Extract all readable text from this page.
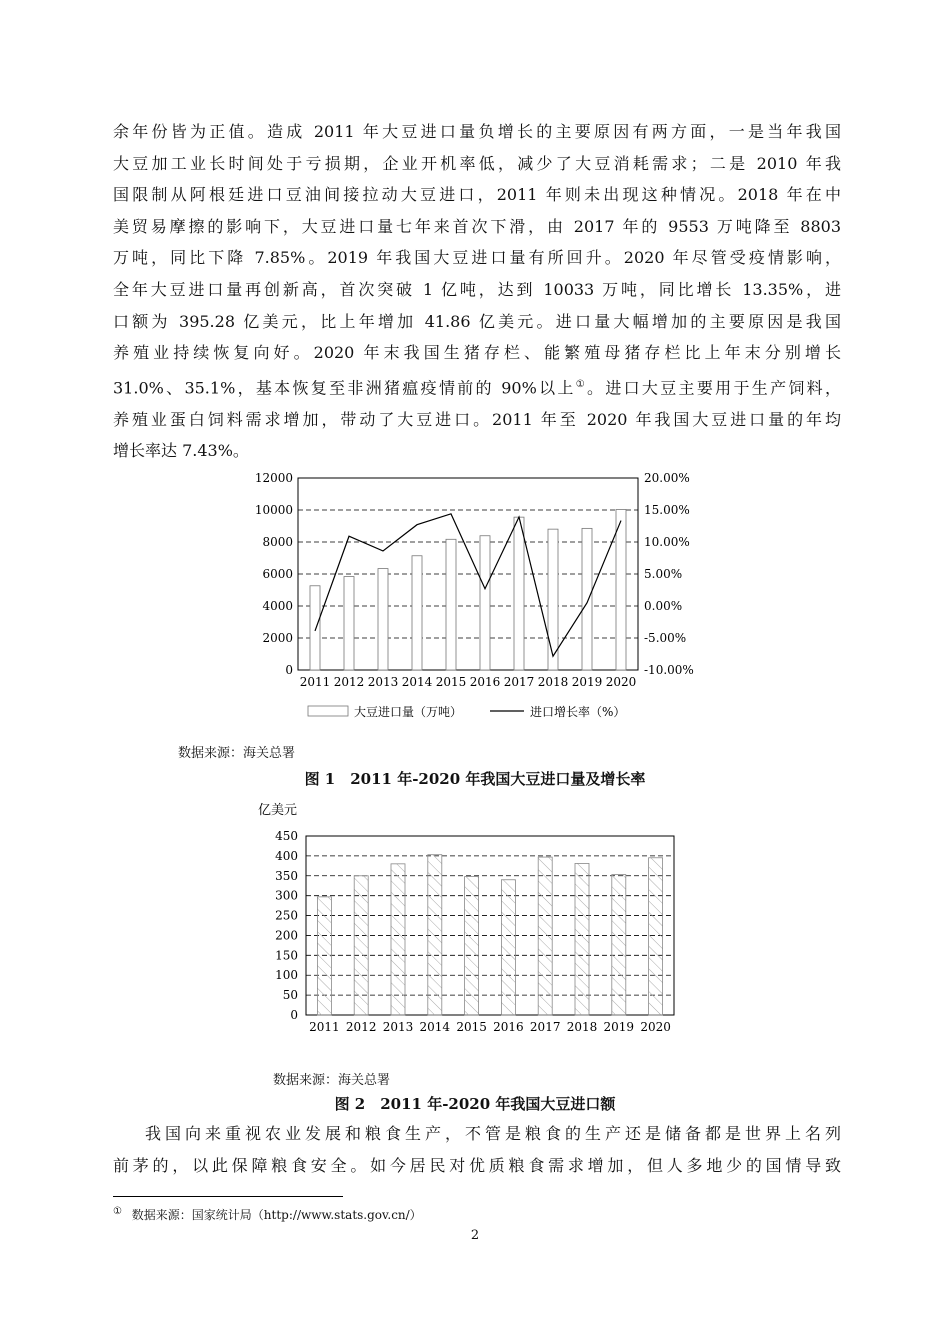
余年份皆为正值。造成 2011 年大豆进口量负增长的主要原因有两方面，一是当年我国
大豆加工业长时间处于亏损期，企业开机率低，减少了大豆消耗需求；二是 2010 年我
国限制从阿根廷进口豆油间接拉动大豆进口，2011 年则未出现这种情况。2018 年在中
美贸易摩擦的影响下，大豆进口量七年来首次下滑，由 2017 年的 9553 万吨降至 8803
万吨，同比下降 7.85%。2019 年我国大豆进口量有所回升。2020 年尽管受疫情影响，
全年大豆进口量再创新高，首次突破 1 亿吨，达到 10033 万吨，同比增长 13.35%，进
口额为 395.28 亿美元，比上年增加 41.86 亿美元。进口量大幅增加的主要原因是我国
养殖业持续恢复向好。2020 年末我国生猪存栏、能繁殖母猪存栏比上年末分别增长
31.0%、35.1%，基本恢复至非洲猪瘟疫情前的 90%以上①。进口大豆主要用于生产饲料，
养殖业蛋白饲料需求增加，带动了大豆进口。2011 年至 2020 年我国大豆进口量的年均
增长率达 7.43%。
0
2000
4000
6000
8000
10000
12000
-10.00%
-5.00%
0.00%
5.00%
10.00%
15.00%
20.00%
2011 2012 2013 2014 2015 2016 2017 2018 2019 2020
大豆进口量（万吨）	进口增长率（%）
数据来源：海关总署
图 1　2011 年-2020 年我国大豆进口量及增长率
亿美元
0
50
100
150
200
250
300
350
400
450
2011 2012 2013 2014 2015 2016 2017 2018 2019 2020
数据来源：海关总署
图 2　2011 年-2020 年我国大豆进口额
我国向来重视农业发展和粮食生产，不管是粮食的生产还是储备都是世界上名列
前茅的，以此保障粮食安全。如今居民对优质粮食需求增加，但人多地少的国情导致
① 数据来源：国家统计局（http://www.stats.gov.cn/）
2
